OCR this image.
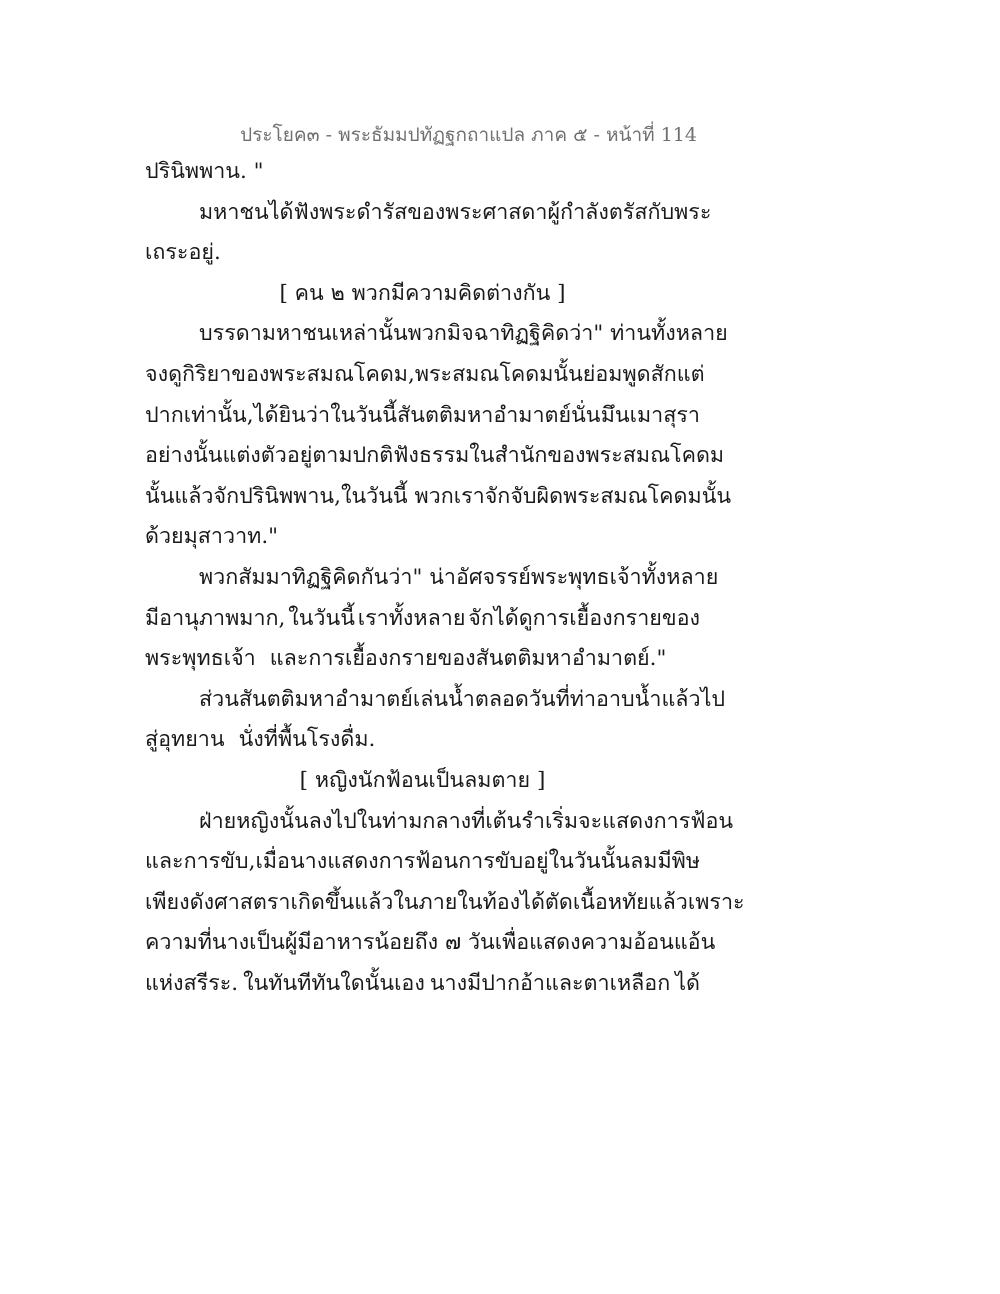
ประโยค๓ - พระธัมมปทัฏฐกถาแปล ภาค ๕ - หน้าที่ 114
ปรินิพพาน. "
มหาชน ได้ฟังพระดำรัสของพระศาสดา ผู้กำลังตรัสกับพระ
เถระอยู่.
[ คน ๒ พวกมีความคิดต่างกัน ]
บรรดามหาชนเหล่านั้น พวกมิจฉาทิฏฐิ คิดว่า " ท่านทั้งหลาย
จงดูกิริยาของพระสมณโคดม, พระสมณโคดมนั้น ย่อมพูดสักแต่
ปากเท่านั้น, ได้ยินว่า ในวันนี้ สันตติมหาอำมาตย์นั่น มึนเมาสุรา
อย่างนั้น แต่งตัวอยู่ตามปกติ ฟังธรรมในสำนักของพระสมณโคดม
นั้นแล้ว จักปรินิพพาน, ในวันนี้ พวกเราจักจับผิดพระสมณโคดมนั้น
ด้วยมุสาวาท."
พวกสัมมาทิฏฐิ คิดกันว่า " น่าอัศจรรย์ พระพุทธเจ้าทั้งหลาย
มีอานุภาพมาก, ในวันนี้ เราทั้งหลาย จักได้ดูการเยื้องกรายของ
พระพุทธเจ้า และการเยื้องกรายของสันตติมหาอำมาตย์."
ส่วนสันตติมหาอำมาตย์ เล่นน้ำตลอดวันที่ท่าอาบน้ำแล้ว ไป
สู่อุทยาน นั่งที่พื้นโรงดื่ม.
[ หญิงนักฟ้อนเป็นลมตาย ]
ฝ่ายหญิงนั้น ลงไปในท่ามกลางที่เต้นรำ เริ่มจะแสดงการฟ้อน
และการขับ, เมื่อนางแสดงการฟ้อนการขับอยู่ในวันนั้น ลมมีพิษ
เพียงดังศาสตราเกิดขึ้นแล้วในภายในท้อง ได้ตัดเนื้อหทัยแล้ว เพราะ
ความที่นางเป็นผู้มีอาหารน้อยถึง ๗ วัน เพื่อแสดงความอ้อนแอ้น
แห่งสรีระ. ในทันทีทันใดนั้นเอง นางมีปากอ้าและตาเหลือก ได้
